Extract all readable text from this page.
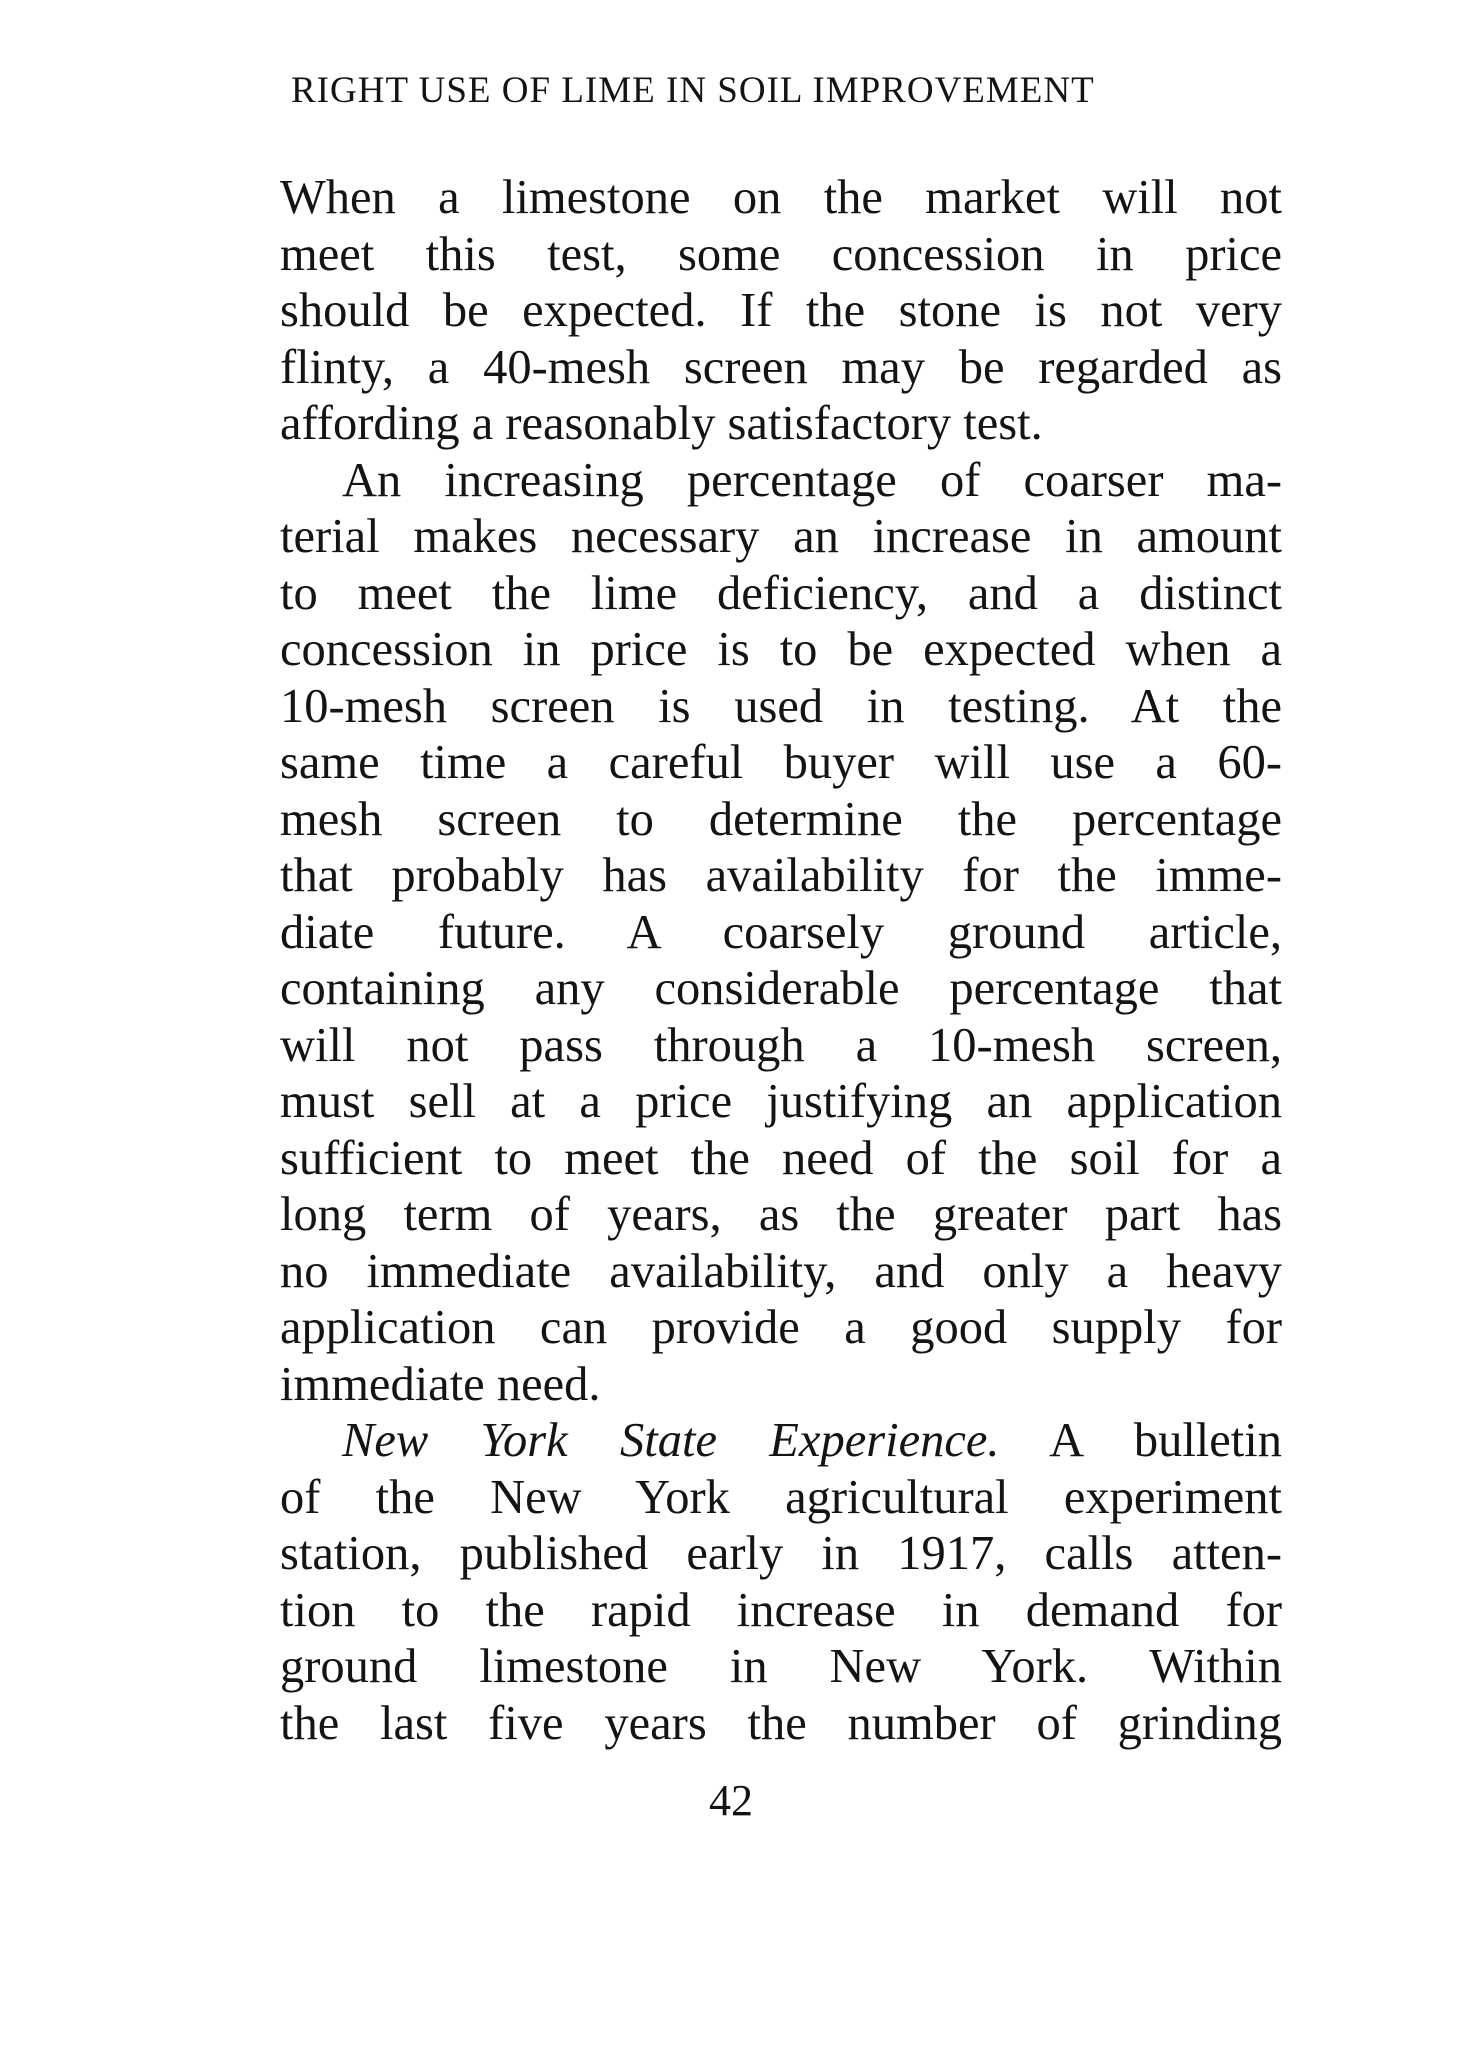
RIGHT USE OF LIME IN SOIL IMPROVEMENT
When a limestone on the market will not
meet this test, some concession in price
should be expected. If the stone is not very
flinty, a 40-mesh screen may be regarded as
affording a reasonably satisfactory test.
An increasing percentage of coarser ma-
terial makes necessary an increase in amount
to meet the lime deficiency, and a distinct
concession in price is to be expected when a
10-mesh screen is used in testing. At the
same time a careful buyer will use a 60-
mesh screen to determine the percentage
that probably has availability for the imme-
diate future. A coarsely ground article,
containing any considerable percentage that
will not pass through a 10-mesh screen,
must sell at a price justifying an application
sufficient to meet the need of the soil for a
long term of years, as the greater part has
no immediate availability, and only a heavy
application can provide a good supply for
immediate need.
New York State Experience. A bulletin
of the New York agricultural experiment
station, published early in 1917, calls atten-
tion to the rapid increase in demand for
ground limestone in New York. Within
the last five years the number of grinding
42
